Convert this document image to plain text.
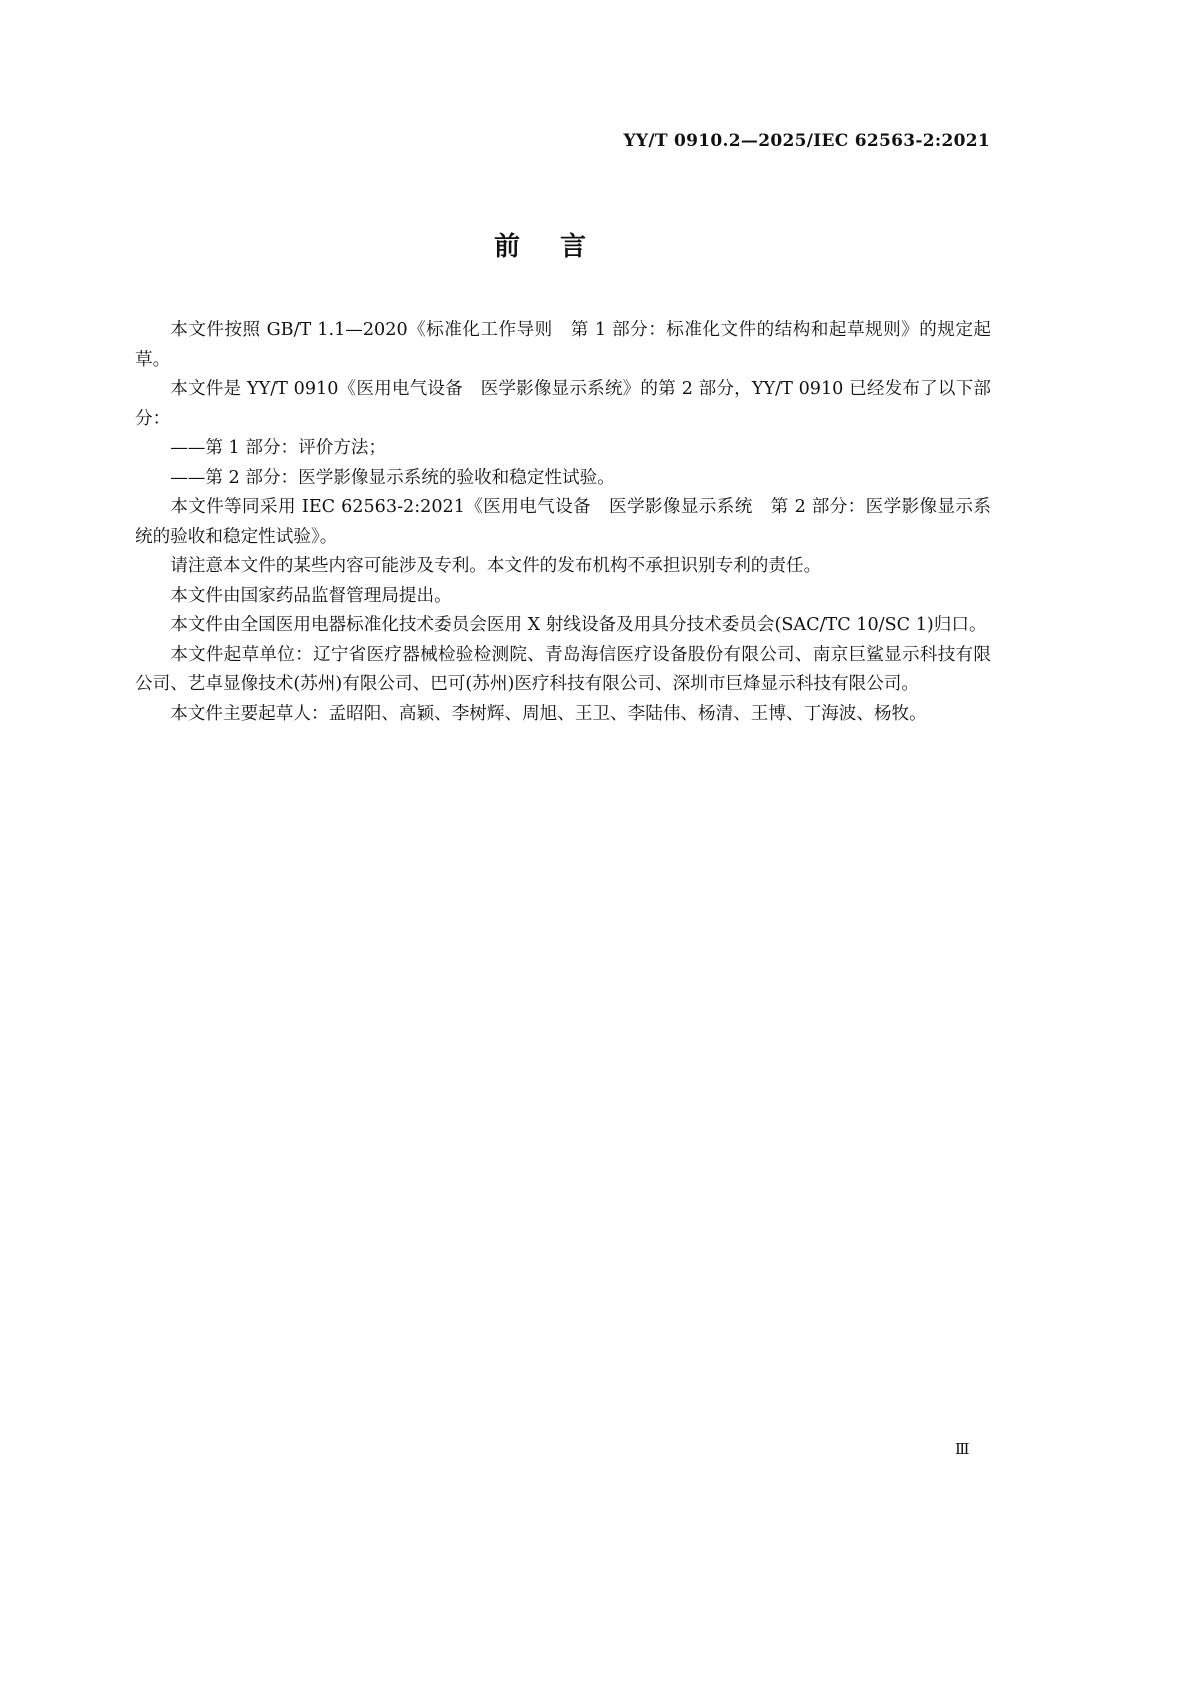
YY/T 0910.2—2025/IEC 62563-2:2021
前言

本文件按照 GB/T 1.1—2020《标准化工作导则　第 1 部分：标准化文件的结构和起草规则》的规定起草。

本文件是 YY/T 0910《医用电气设备　医学影像显示系统》的第 2 部分，YY/T 0910 已经发布了以下部分：

——第 1 部分：评价方法；

——第 2 部分：医学影像显示系统的验收和稳定性试验。

本文件等同采用 IEC 62563-2:2021《医用电气设备　医学影像显示系统　第 2 部分：医学影像显示系统的验收和稳定性试验》。

请注意本文件的某些内容可能涉及专利。本文件的发布机构不承担识别专利的责任。

本文件由国家药品监督管理局提出。

本文件由全国医用电器标准化技术委员会医用 X 射线设备及用具分技术委员会(SAC/TC 10/SC 1)归口。

本文件起草单位：辽宁省医疗器械检验检测院、青岛海信医疗设备股份有限公司、南京巨鲨显示科技有限公司、艺卓显像技术(苏州)有限公司、巴可(苏州)医疗科技有限公司、深圳市巨烽显示科技有限公司。

本文件主要起草人：孟昭阳、高颖、李树辉、周旭、王卫、李陆伟、杨清、王博、丁海波、杨牧。

Ⅲ
